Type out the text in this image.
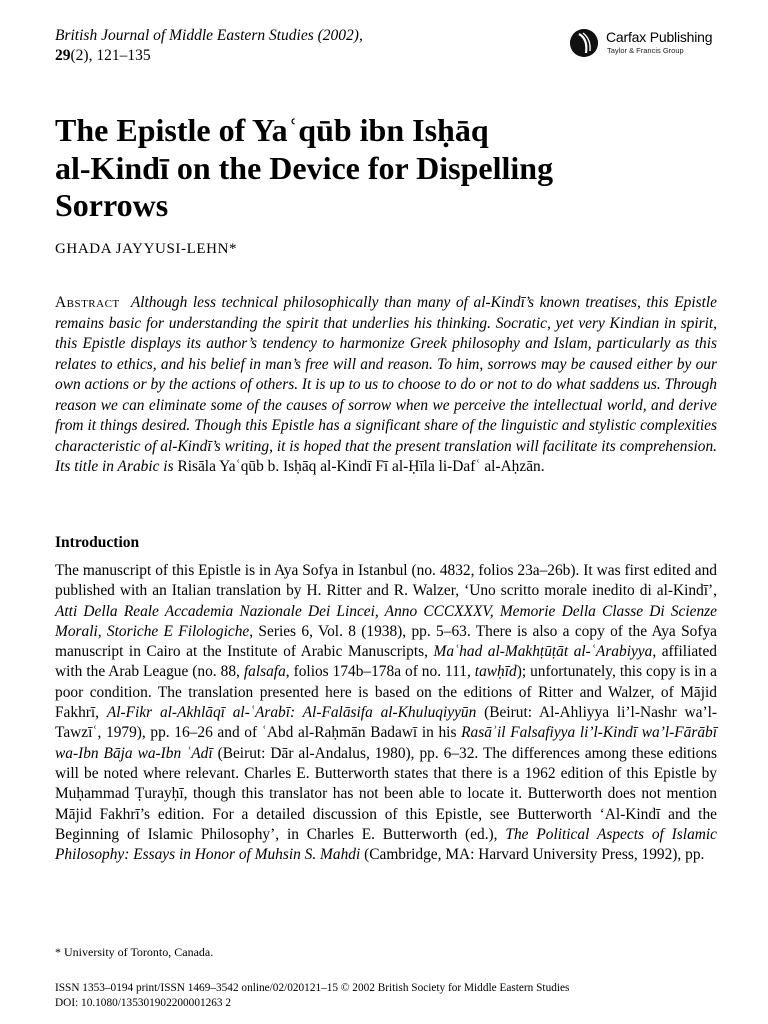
British Journal of Middle Eastern Studies (2002),
29(2), 121–135
Carfax Publishing
Taylor & Francis Group
The Epistle of Yaʿqūb ibn Isḥāq
al-Kindī on the Device for Dispelling
Sorrows
GHADA JAYYUSI-LEHN*
Abstract Although less technical philosophically than many of al-Kindī’s known treatises, this Epistle remains basic for understanding the spirit that underlies his thinking. Socratic, yet very Kindian in spirit, this Epistle displays its author’s tendency to harmonize Greek philosophy and Islam, particularly as this relates to ethics, and his belief in man’s free will and reason. To him, sorrows may be caused either by our own actions or by the actions of others. It is up to us to choose to do or not to do what saddens us. Through reason we can eliminate some of the causes of sorrow when we perceive the intellectual world, and derive from it things desired. Though this Epistle has a significant share of the linguistic and stylistic complexities characteristic of al-Kindī’s writing, it is hoped that the present translation will facilitate its comprehension. Its title in Arabic is Risāla Yaʿqūb b. Isḥāq al-Kindī Fī al-Ḥīla li-Dafʿ al-Aḥzān.
Introduction
The manuscript of this Epistle is in Aya Sofya in Istanbul (no. 4832, folios 23a–26b). It was first edited and published with an Italian translation by H. Ritter and R. Walzer, ‘Uno scritto morale inedito di al-Kindī’, Atti Della Reale Accademia Nazionale Dei Lincei, Anno CCCXXXV, Memorie Della Classe Di Scienze Morali, Storiche E Filologiche, Series 6, Vol. 8 (1938), pp. 5–63. There is also a copy of the Aya Sofya manuscript in Cairo at the Institute of Arabic Manuscripts, Maʿhad al-Makhṭūṭāt al-ʿArabiyya, affiliated with the Arab League (no. 88, falsafa, folios 174b–178a of no. 111, tawḥīd); unfortunately, this copy is in a poor condition. The translation presented here is based on the editions of Ritter and Walzer, of Mājid Fakhrī, Al-Fikr al-Akhlāqī al-ʿArabī: Al-Falāsifa al-Khuluqiyyūn (Beirut: Al-Ahliyya li’l-Nashr wa’l-Tawzīʿ, 1979), pp. 16–26 and of ʿAbd al-Raḥmān Badawī in his Rasāʾil Falsafiyya li’l-Kindī wa’l-Fārābī wa-Ibn Bāja wa-Ibn ʿAdī (Beirut: Dār al-Andalus, 1980), pp. 6–32. The differences among these editions will be noted where relevant. Charles E. Butterworth states that there is a 1962 edition of this Epistle by Muḥammad Ṭurayḥī, though this translator has not been able to locate it. Butterworth does not mention Mājid Fakhrī’s edition. For a detailed discussion of this Epistle, see Butterworth ‘Al-Kindī and the Beginning of Islamic Philosophy’, in Charles E. Butterworth (ed.), The Political Aspects of Islamic Philosophy: Essays in Honor of Muhsin S. Mahdi (Cambridge, MA: Harvard University Press, 1992), pp.
* University of Toronto, Canada.
ISSN 1353–0194 print/ISSN 1469–3542 online/02/020121–15 © 2002 British Society for Middle Eastern Studies
DOI: 10.1080/135301902200001263 2
